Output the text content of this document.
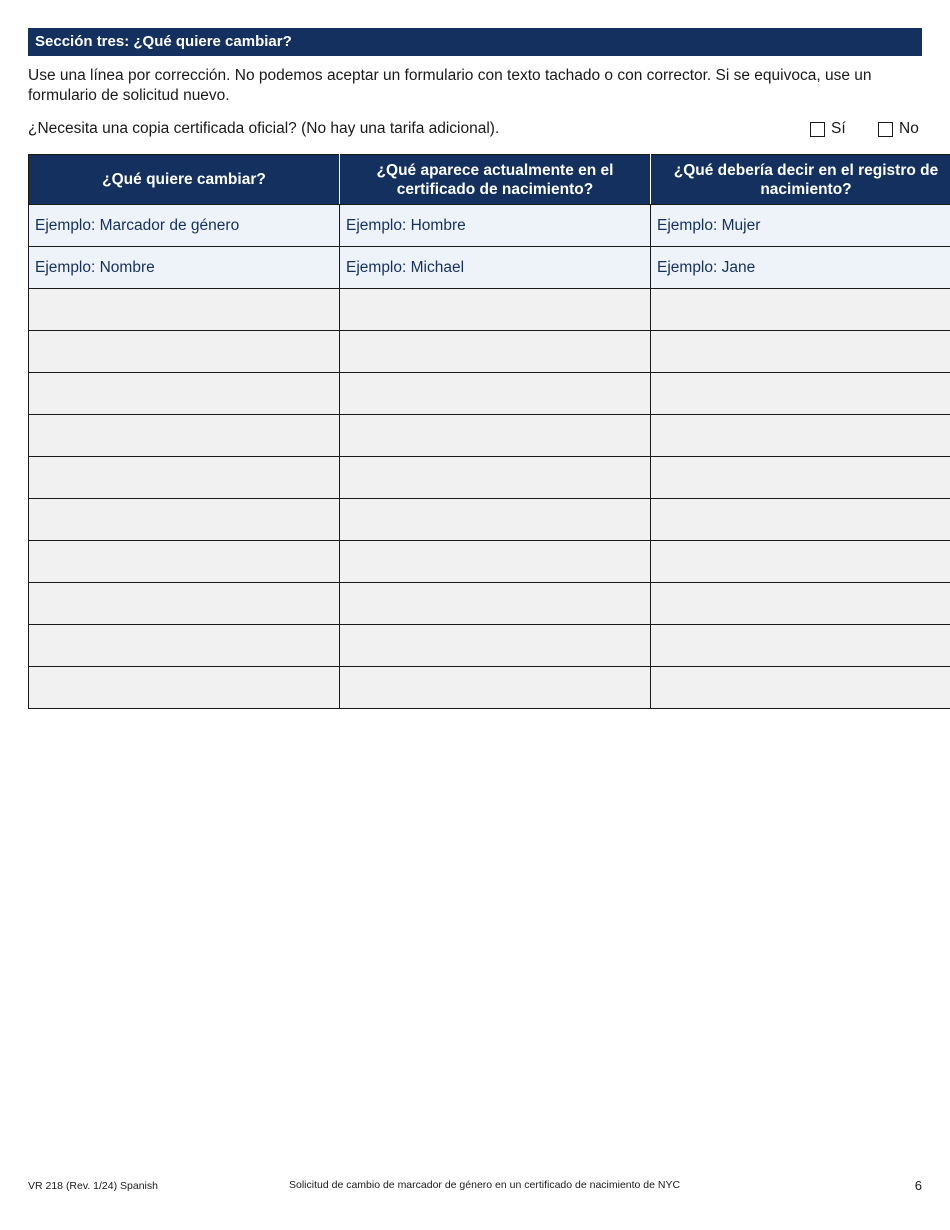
Sección tres: ¿Qué quiere cambiar?

Use una línea por corrección. No podemos aceptar un formulario con texto tachado o con corrector. Si se equivoca, use un formulario de solicitud nuevo.

¿Necesita una copia certificada oficial? (No hay una tarifa adicional).	Sí	No
¿Qué quiere cambiar?	¿Qué aparece actualmente en el certificado de nacimiento?	¿Qué debería decir en el registro de nacimiento?
Ejemplo: Marcador de género	Ejemplo: Hombre	Ejemplo: Mujer
Ejemplo: Nombre	Ejemplo: Michael	Ejemplo: Jane

VR 218 (Rev. 1/24) Spanish	Solicitud de cambio de marcador de género en un certificado de nacimiento de NYC	6
